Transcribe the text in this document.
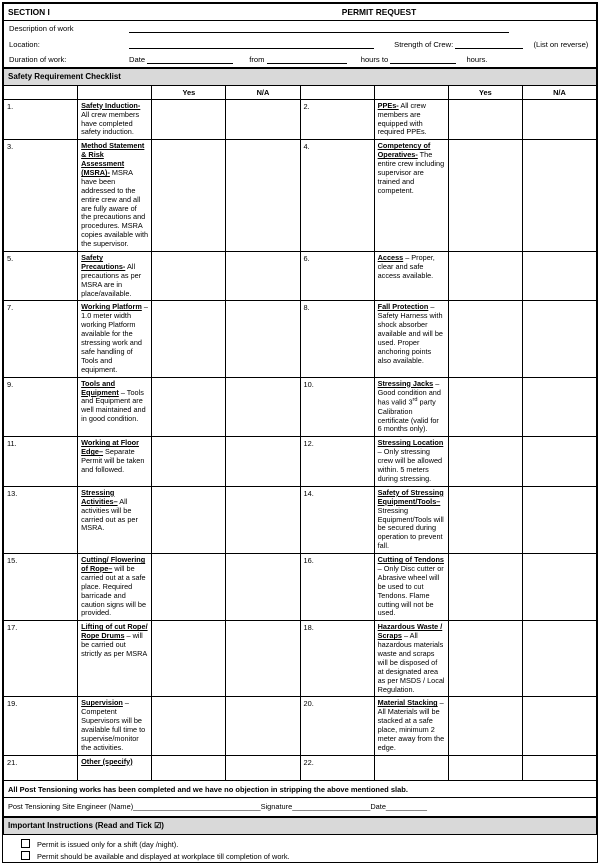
SECTION I	PERMIT REQUEST
Description of work	
Location:	Strength of Crew: (List on reverse)
Duration of work:	Date from hours to hours.
Safety Requirement Checklist							
		Yes	N/A			Yes	N/A
1.	Safety Induction- All crew members have completed safety induction.			2.	PPEs- All crew members are equipped with required PPEs.		
3.	Method Statement & Risk Assessment (MSRA)- MSRA have been addressed to the entire crew and all are fully aware of the precautions and procedures. MSRA copies available with the supervisor.			4.	Competency of Operatives- The entire crew including supervisor are trained and competent.		
5.	Safety Precautions- All precautions as per MSRA are in place/available.			6.	Access – Proper, clear and safe access available.		
7.	Working Platform – 1.0 meter width working Platform available for the stressing work and safe handling of Tools and equipment.			8.	Fall Protection – Safety Harness with shock absorber available and will be used. Proper anchoring points also available.		
9.	Tools and Equipment – Tools and Equipment are well maintained and in good condition.			10.	Stressing Jacks – Good condition and has valid 3rd party Calibration certificate (valid for 6 months only).		
11.	Working at Floor Edge– Separate Permit will be taken and followed.			12.	Stressing Location – Only stressing crew will be allowed within. 5 meters during stressing.		
13.	Stressing Activities– All activities will be carried out as per MSRA.			14.	Safety of Stressing Equipment/Tools– Stressing Equipment/Tools will be secured during operation to prevent fall.		
15.	Cutting/ Flowering of Rope– will be carried out at a safe place. Required barricade and caution signs will be provided.			16.	Cutting of Tendons – Only Disc cutter or Abrasive wheel will be used to cut Tendons. Flame cutting will not be used.		
17.	Lifting of cut Rope/ Rope Drums – will be carried out strictly as per MSRA			18.	Hazardous Waste / Scraps – All hazardous materials waste and scraps will be disposed of at designated area as per MSDS / Local Regulation.		
19.	Supervision – Competent Supervisors will be available full time to supervise/monitor the activities.			20.	Material Stacking – All Materials will be stacked at a safe place, minimum 2 meter away from the edge.		
21.	Other (specify)			22.			
All Post Tensioning works has been completed and we have no objection in stripping the above mentioned slab.
Post Tensioning Site Engineer (Name)_______________________________Signature___________________Date__________
Important Instructions (Read and Tick ☑)
Permit is issued only for a shift (day /night).
Permit should be available and displayed at workplace till completion of work.
